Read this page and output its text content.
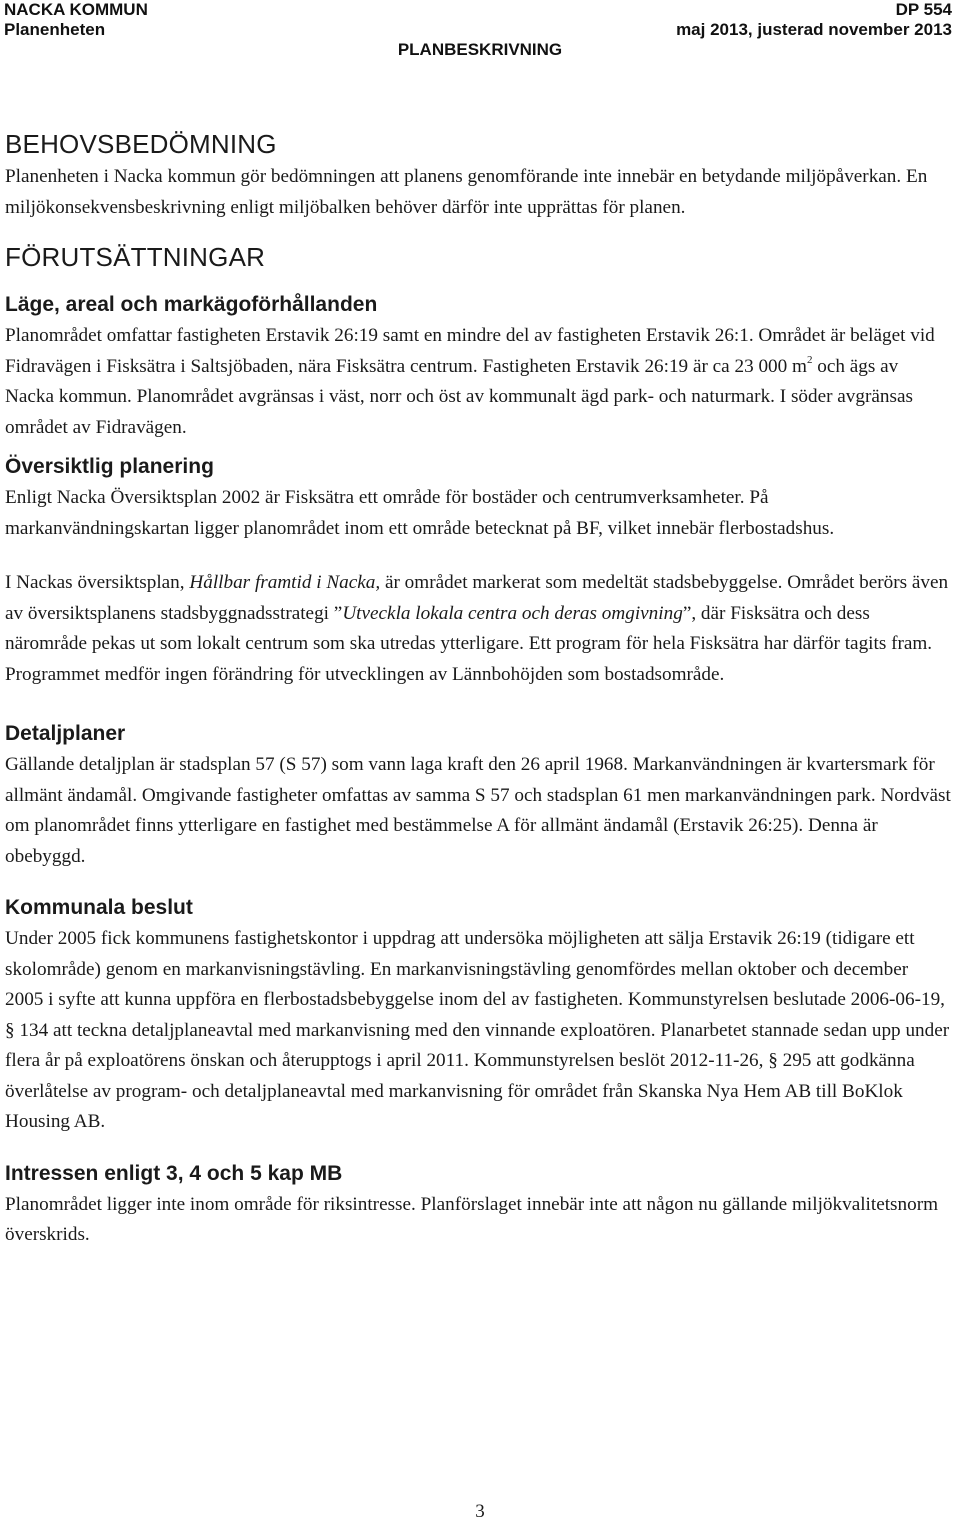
NACKA KOMMUN
Planenheten
DP 554
maj 2013, justerad november 2013
PLANBESKRIVNING
BEHOVSBEDÖMNING

Planenheten i Nacka kommun gör bedömningen att planens genomförande inte innebär en betydande miljöpåverkan. En miljökonsekvensbeskrivning enligt miljöbalken behöver därför inte upprättas för planen.

FÖRUTSÄTTNINGAR
Läge, areal och markägoförhållanden

Planområdet omfattar fastigheten Erstavik 26:19 samt en mindre del av fastigheten Erstavik 26:1. Området är beläget vid Fidravägen i Fisksätra i Saltsjöbaden, nära Fisksätra centrum. Fastigheten Erstavik 26:19 är ca 23 000 $m^2$ och ägs av Nacka kommun. Planområdet avgränsas i väst, norr och öst av kommunalt ägd park- och naturmark. I söder avgränsas området av Fidravägen.

Översiktlig planering

Enligt Nacka Översiktsplan 2002 är Fisksätra ett område för bostäder och centrumverksamheter. På markanvändningskartan ligger planområdet inom ett område betecknat på BF, vilket innebär flerbostadshus.

I Nackas översiktsplan, Hållbar framtid i Nacka, är området markerat som medeltät stadsbebyggelse. Området berörs även av översiktsplanens stadsbyggnadsstrategi ”Utveckla lokala centra och deras omgivning”, där Fisksätra och dess närområde pekas ut som lokalt centrum som ska utredas ytterligare. Ett program för hela Fisksätra har därför tagits fram. Programmet medför ingen förändring för utvecklingen av Lännbohöjden som bostadsområde.

Detaljplaner

Gällande detaljplan är stadsplan 57 (S 57) som vann laga kraft den 26 april 1968. Markanvändningen är kvartersmark för allmänt ändamål. Omgivande fastigheter omfattas av samma S 57 och stadsplan 61 men markanvändningen park. Nordväst om planområdet finns ytterligare en fastighet med bestämmelse A för allmänt ändamål (Erstavik 26:25). Denna är obebyggd.

Kommunala beslut

Under 2005 fick kommunens fastighetskontor i uppdrag att undersöka möjligheten att sälja Erstavik 26:19 (tidigare ett skolområde) genom en markanvisningstävling. En markanvisningstävling genomfördes mellan oktober och december 2005 i syfte att kunna uppföra en flerbostadsbebyggelse inom del av fastigheten. Kommunstyrelsen beslutade 2006-06-19, § 134 att teckna detaljplaneavtal med markanvisning med den vinnande exploatören. Planarbetet stannade sedan upp under flera år på exploatörens önskan och återupptogs i april 2011. Kommunstyrelsen beslöt 2012-11-26, § 295 att godkänna överlåtelse av program- och detaljplaneavtal med markanvisning för området från Skanska Nya Hem AB till BoKlok Housing AB.

Intressen enligt 3, 4 och 5 kap MB

Planområdet ligger inte inom område för riksintresse. Planförslaget innebär inte att någon nu gällande miljökvalitetsnorm överskrids.

3
